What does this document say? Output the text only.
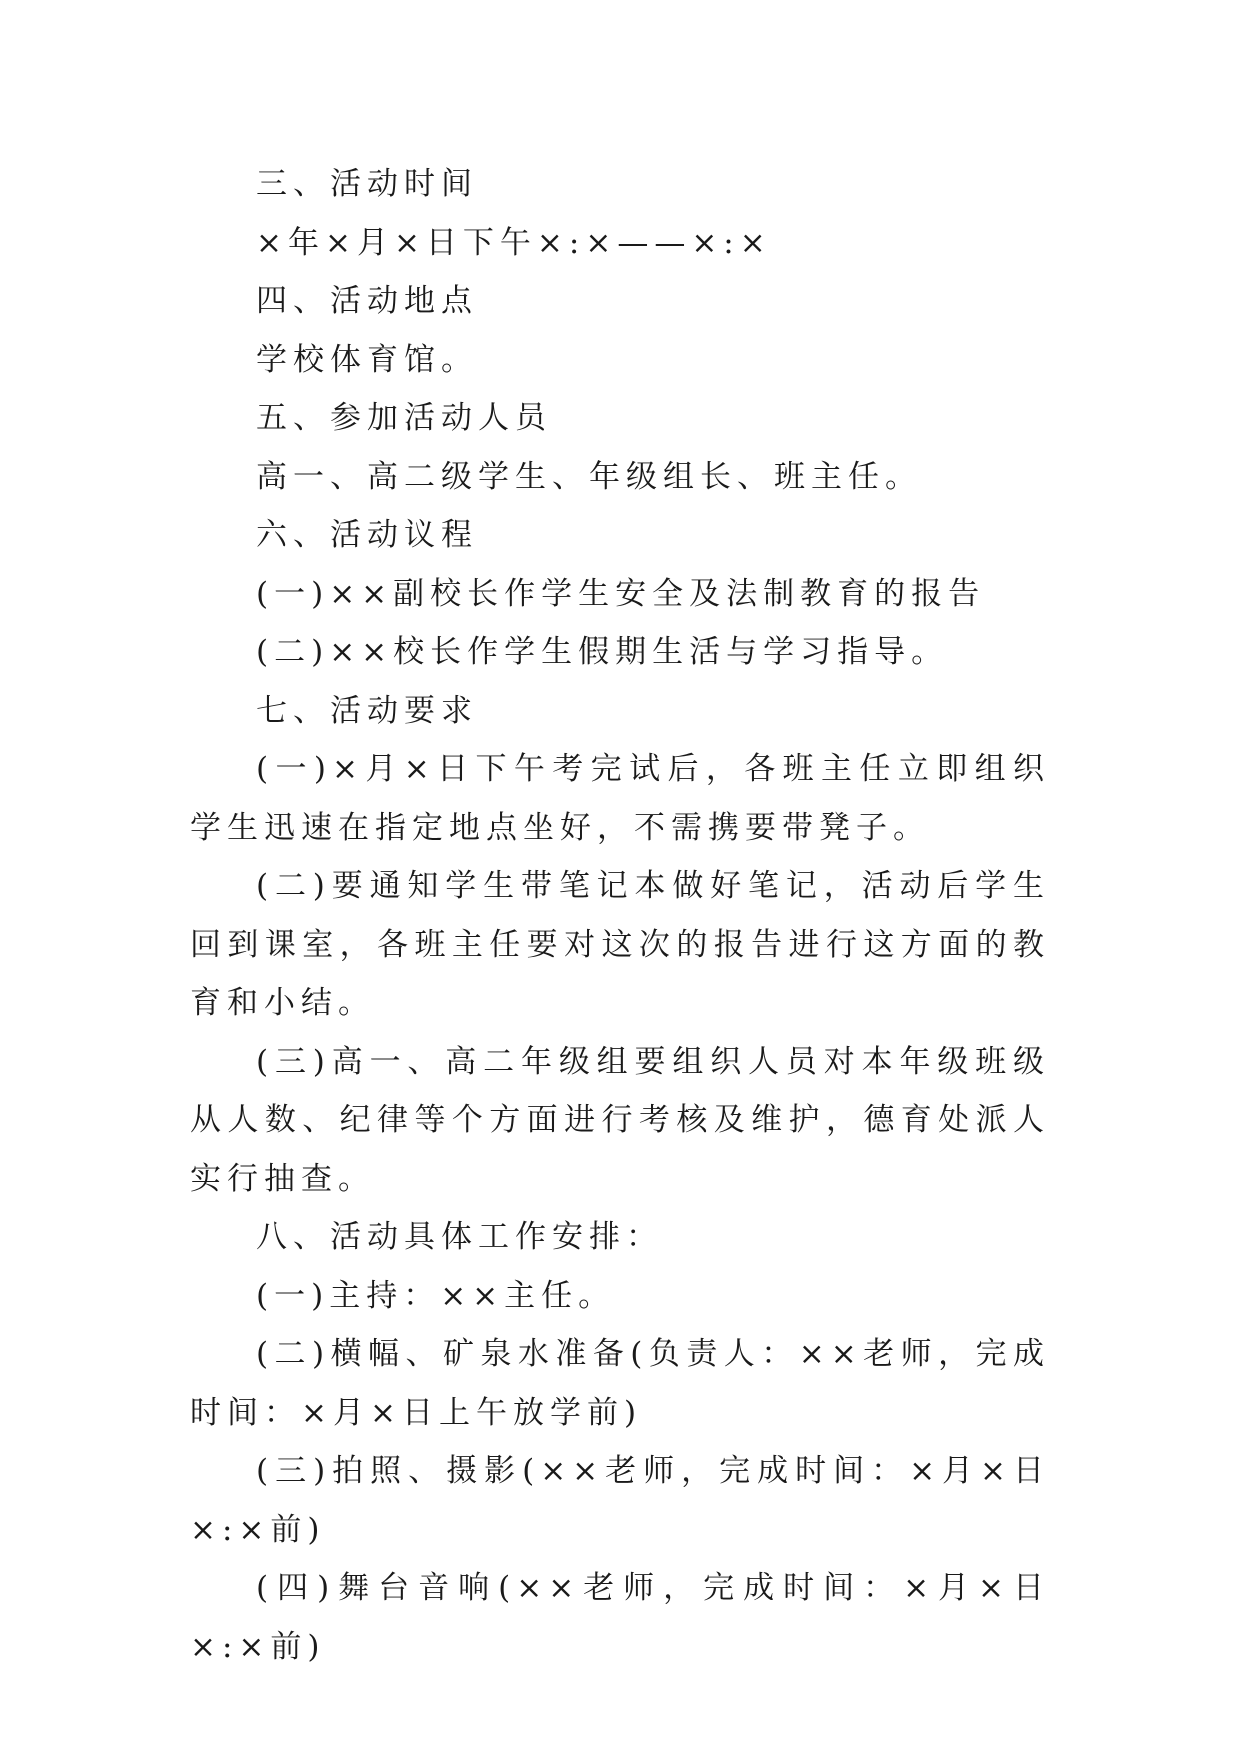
三、活动时间

×年×月×日下午×:×——×:×

四、活动地点

学校体育馆。

五、参加活动人员

高一、高二级学生、年级组长、班主任。

六、活动议程

(一)××副校长作学生安全及法制教育的报告

(二)××校长作学生假期生活与学习指导。

七、活动要求

(一)×月×日下午考完试后，各班主任立即组织学生迅速在指定地点坐好，不需携要带凳子。

(二)要通知学生带笔记本做好笔记，活动后学生回到课室，各班主任要对这次的报告进行这方面的教育和小结。

(三)高一、高二年级组要组织人员对本年级班级从人数、纪律等个方面进行考核及维护，德育处派人实行抽查。

八、活动具体工作安排：

(一)主持：××主任。

(二)横幅、矿泉水准备(负责人：××老师，完成时间：×月×日上午放学前)

(三)拍照、摄影(××老师，完成时间：×月×日×:×前)

(四)舞台音响(××老师，完成时间：×月×日×:×前)
